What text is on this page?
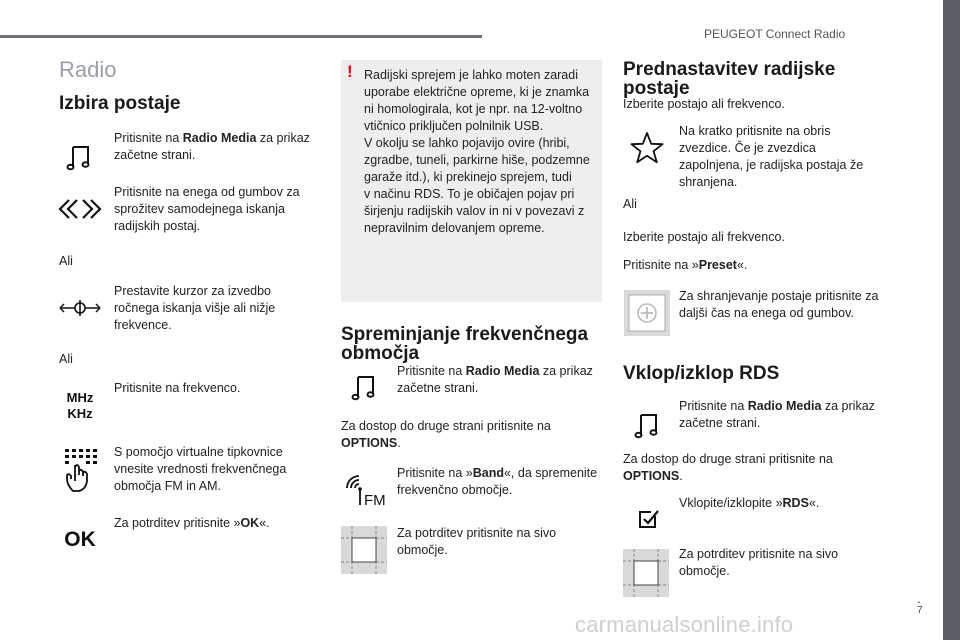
PEUGEOT Connect Radio
.
7
carmanualsonline.info
Radio
Izbira postaje
Pritisnite na Radio Media za prikaz
začetne strani.
Pritisnite na enega od gumbov za
sprožitev samodejnega iskanja
radijskih postaj.
Ali
Prestavite kurzor za izvedbo
ročnega iskanja višje ali nižje
frekvence.
Ali
MHz
KHz
Pritisnite na frekvenco.
S pomočjo virtualne tipkovnice
vnesite vrednosti frekvenčnega
območja FM in AM.
OK
Za potrditev pritisnite »OK«.
! Radijski sprejem je lahko moten zaradi
uporabe električne opreme, ki je znamka
ni homologirala, kot je npr. na 12-voltno
vtičnico priključen polnilnik USB.
V okolju se lahko pojavijo ovire (hribi,
zgradbe, tuneli, parkirne hiše, podzemne
garaže itd.), ki prekinejo sprejem, tudi
v načinu RDS. To je običajen pojav pri
širjenju radijskih valov in ni v povezavi z
nepravilnim delovanjem opreme.
Spreminjanje frekvenčnega
območja
Pritisnite na Radio Media za prikaz
začetne strani.
Za dostop do druge strani pritisnite na
OPTIONS.
FM
Pritisnite na »Band«, da spremenite
frekvenčno območje.
Za potrditev pritisnite na sivo
območje.
Prednastavitev radijske
postaje
Izberite postajo ali frekvenco.
Na kratko pritisnite na obris
zvezdice. Če je zvezdica
zapolnjena, je radijska postaja že
shranjena.
Ali
Izberite postajo ali frekvenco.
Pritisnite na »Preset«.
Za shranjevanje postaje pritisnite za
daljši čas na enega od gumbov.
Vklop/izklop RDS
Pritisnite na Radio Media za prikaz
začetne strani.
Za dostop do druge strani pritisnite na
OPTIONS.
Vklopite/izklopite »RDS«.
Za potrditev pritisnite na sivo
območje.
